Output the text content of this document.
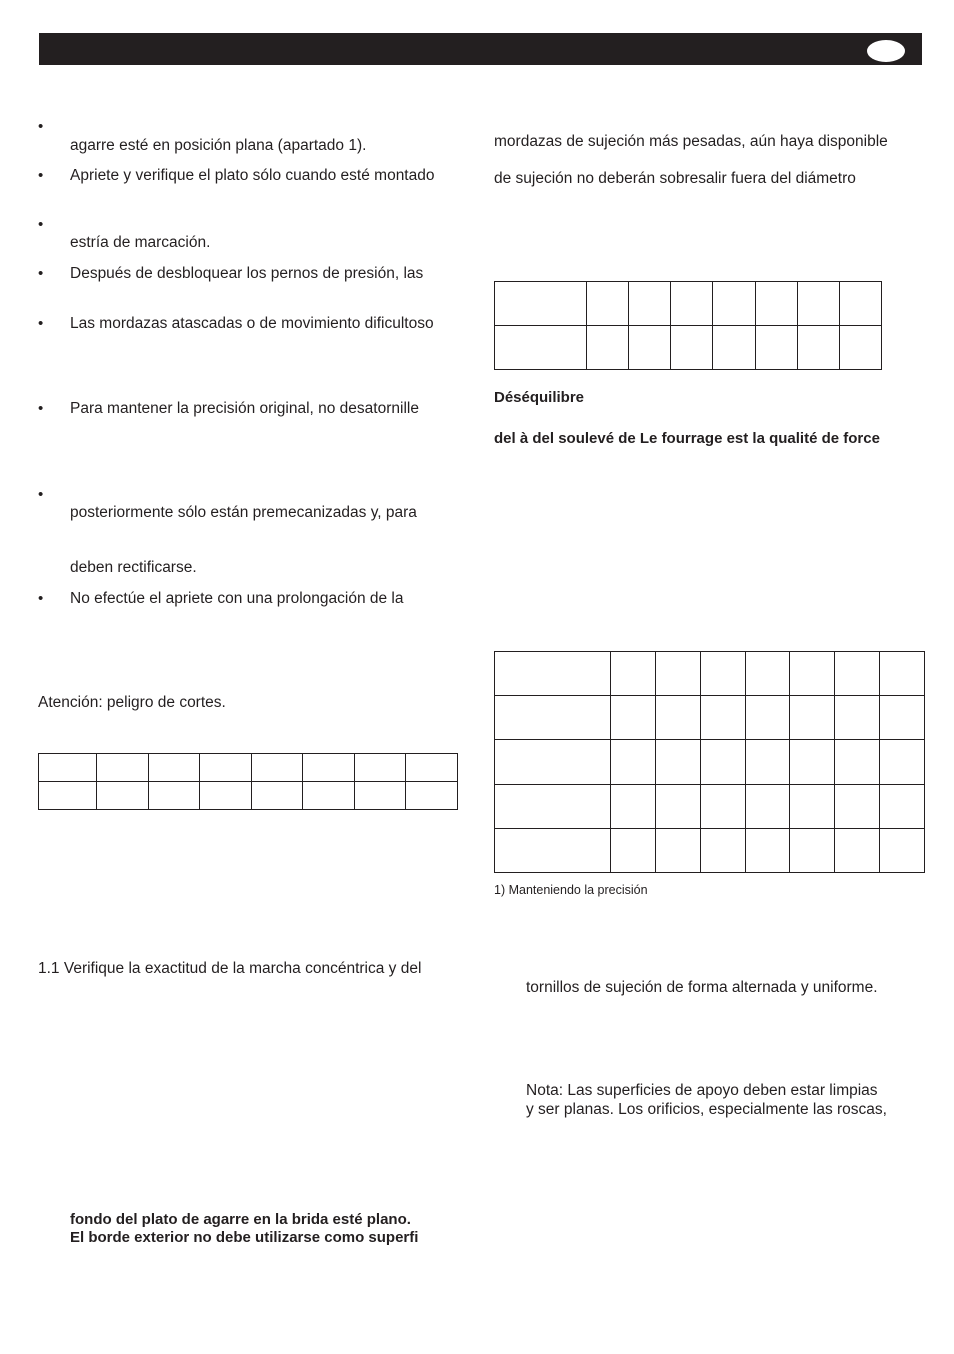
•
agarre esté en posición plana (apartado 1).
• Apriete y verifique el plato sólo cuando esté montado
•
estría de marcación.
• Después de desbloquear los pernos de presión, las
• Las mordazas atascadas o de movimiento dificultoso
• Para mantener la precisión original, no desatornille
•
posteriormente sólo están premecanizadas y, para
deben rectificarse.
• No efectúe el apriete con una prolongación de la
Atención: peligro de cortes.

1.1 Verifique la exactitud de la marcha concéntrica y del
fondo del plato de agarre en la brida esté plano.
El borde exterior no debe utilizarse como superfi
mordazas de sujeción más pesadas, aún haya disponible
de sujeción no deberán sobresalir fuera del diámetro

Déséquilibre
del à del soulevé de Le fourrage est la qualité de force

1) Manteniendo la precisión
tornillos de sujeción de forma alternada y uniforme.
Nota: Las superficies de apoyo deben estar limpias
y ser planas. Los orificios, especialmente las roscas,
